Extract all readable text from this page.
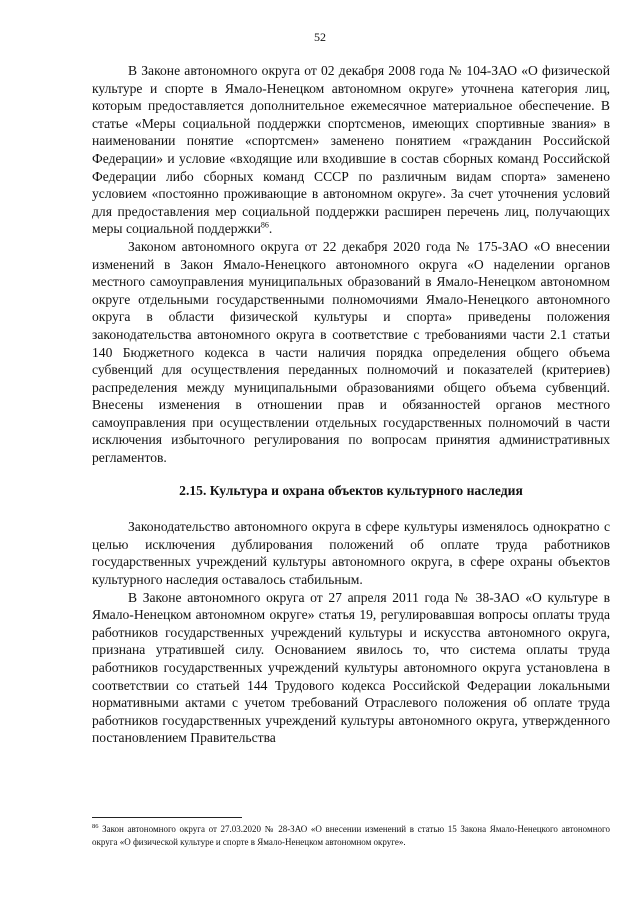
52

В Законе автономного округа от 02 декабря 2008 года № 104-ЗАО «О физической культуре и спорте в Ямало-Ненецком автономном округе» уточнена категория лиц, которым предоставляется дополнительное ежемесячное материальное обеспечение. В статье «Меры социальной поддержки спортсменов, имеющих спортивные звания» в наименовании понятие «спортсмен» заменено понятием «гражданин Российской Федерации» и условие «входящие или входившие в состав сборных команд Российской Федерации либо сборных команд СССР по различным видам спорта» заменено условием «постоянно проживающие в автономном округе». За счет уточнения условий для предоставления мер социальной поддержки расширен перечень лиц, получающих меры социальной поддержки$^{86}$.

Законом автономного округа от 22 декабря 2020 года № 175-ЗАО «О внесении изменений в Закон Ямало-Ненецкого автономного округа «О наделении органов местного самоуправления муниципальных образований в Ямало-Ненецком автономном округе отдельными государственными полномочиями Ямало-Ненецкого автономного округа в области физической культуры и спорта» приведены положения законодательства автономного округа в соответствие с требованиями части 2.1 статьи 140 Бюджетного кодекса в части наличия порядка определения общего объема субвенций для осуществления переданных полномочий и показателей (критериев) распределения между муниципальными образованиями общего объема субвенций. Внесены изменения в отношении прав и обязанностей органов местного самоуправления при осуществлении отдельных государственных полномочий в части исключения избыточного регулирования по вопросам принятия административных регламентов.

2.15. Культура и охрана объектов культурного наследия

Законодательство автономного округа в сфере культуры изменялось однократно с целью исключения дублирования положений об оплате труда работников государственных учреждений культуры автономного округа, в сфере охраны объектов культурного наследия оставалось стабильным.

В Законе автономного округа от 27 апреля 2011 года № 38-ЗАО «О культуре в Ямало-Ненецком автономном округе» статья 19, регулировавшая вопросы оплаты труда работников государственных учреждений культуры и искусства автономного округа, признана утратившей силу. Основанием явилось то, что система оплаты труда работников государственных учреждений культуры автономного округа установлена в соответствии со статьей 144 Трудового кодекса Российской Федерации локальными нормативными актами с учетом требований Отраслевого положения об оплате труда работников государственных учреждений культуры автономного округа, утвержденного постановлением Правительства

$^{86}$ Закон автономного округа от 27.03.2020 № 28-ЗАО «О внесении изменений в статью 15 Закона Ямало-Ненецкого автономного округа «О физической культуре и спорте в Ямало-Ненецком автономном округе».
